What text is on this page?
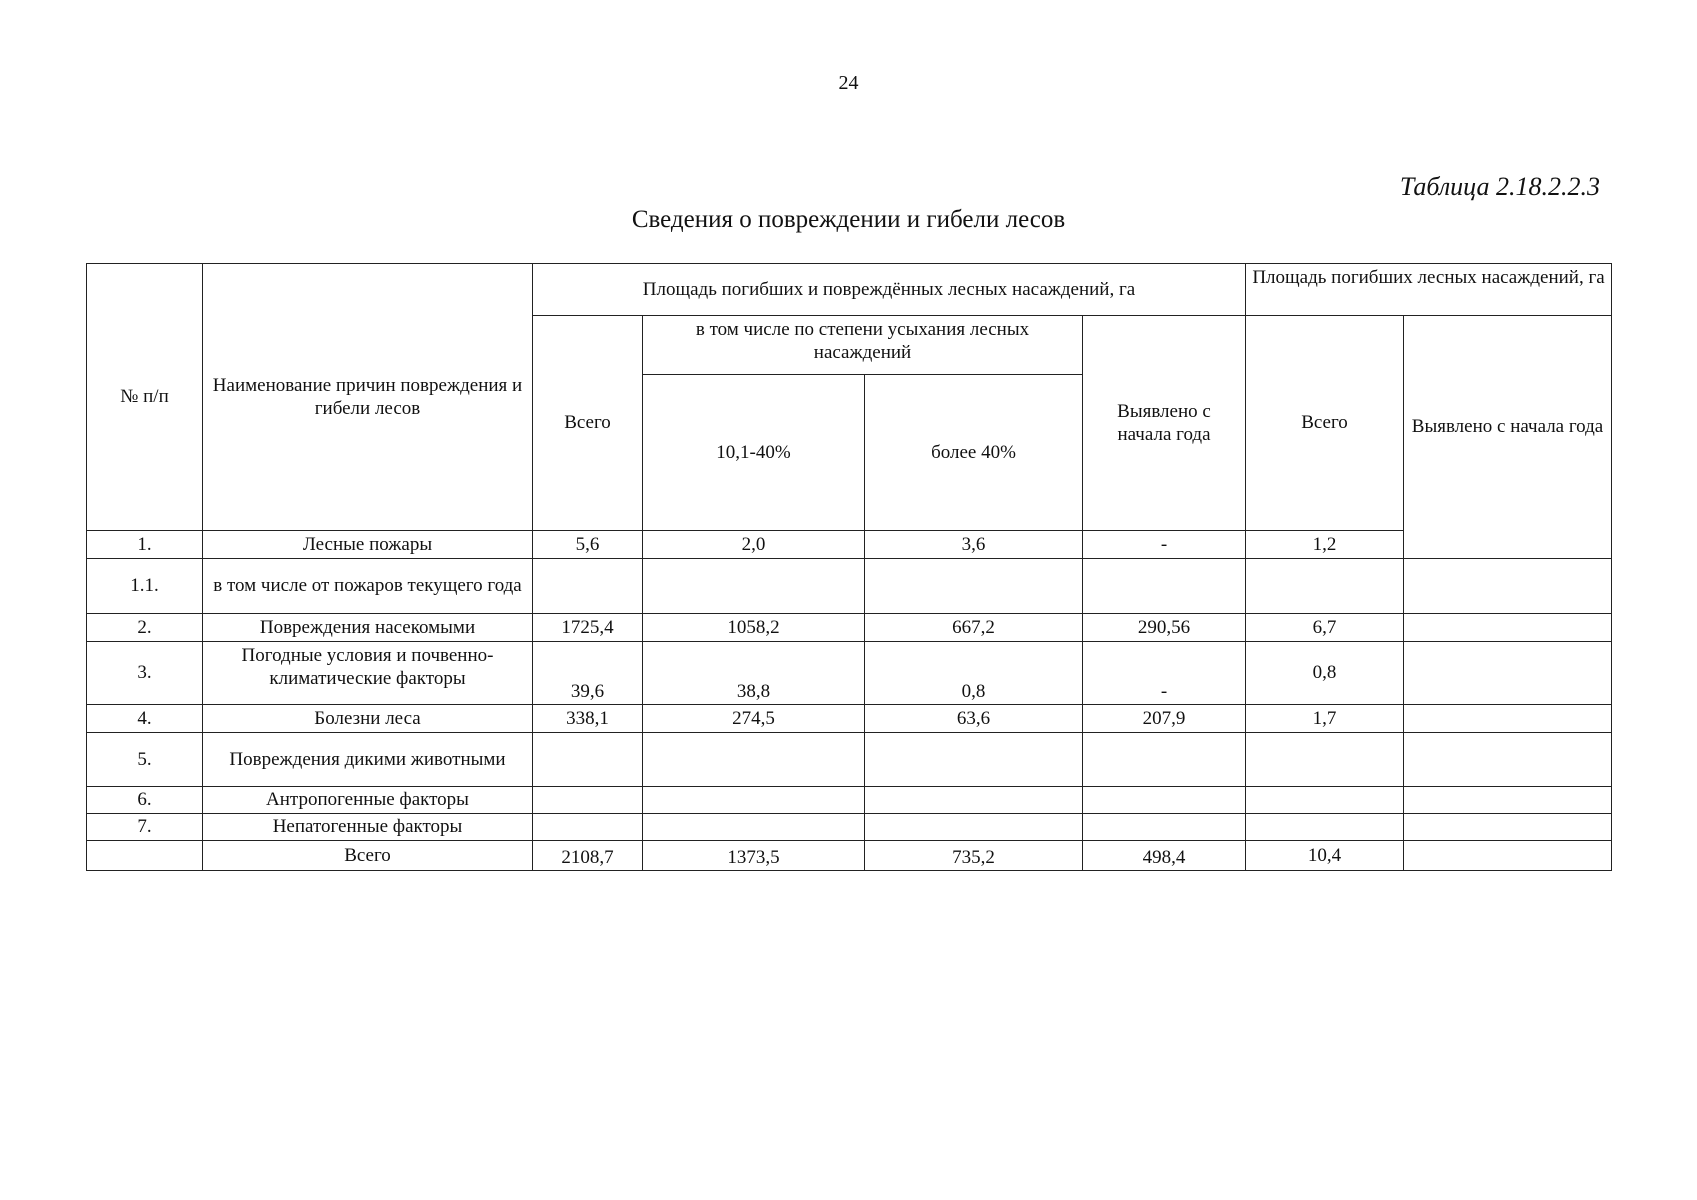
24
Таблица 2.18.2.2.3
Сведения о повреждении и гибели лесов
№ п/п	Наименование причин повреждения и гибели лесов	Площадь погибших и повреждённых лесных насаждений, га				Площадь погибших лесных насаждений, га	
		Всего	в том числе по степени усыхания лесных насаждений		Выявлено с начала года	Всего	Выявлено с начала года
			10,1-40%	более 40%			
1.	Лесные пожары	5,6	2,0	3,6	-	1,2	
1.1.	в том числе от пожаров текущего года						
2.	Повреждения насекомыми	1725,4	1058,2	667,2	290,56	6,7	
3.	Погодные условия и почвенно-климатические факторы	39,6	38,8	0,8	-	0,8	
4.	Болезни леса	338,1	274,5	63,6	207,9	1,7	
5.	Повреждения дикими животными						
6.	Антропогенные факторы						
7.	Непатогенные факторы						
	Всего	2108,7	1373,5	735,2	498,4	10,4	
